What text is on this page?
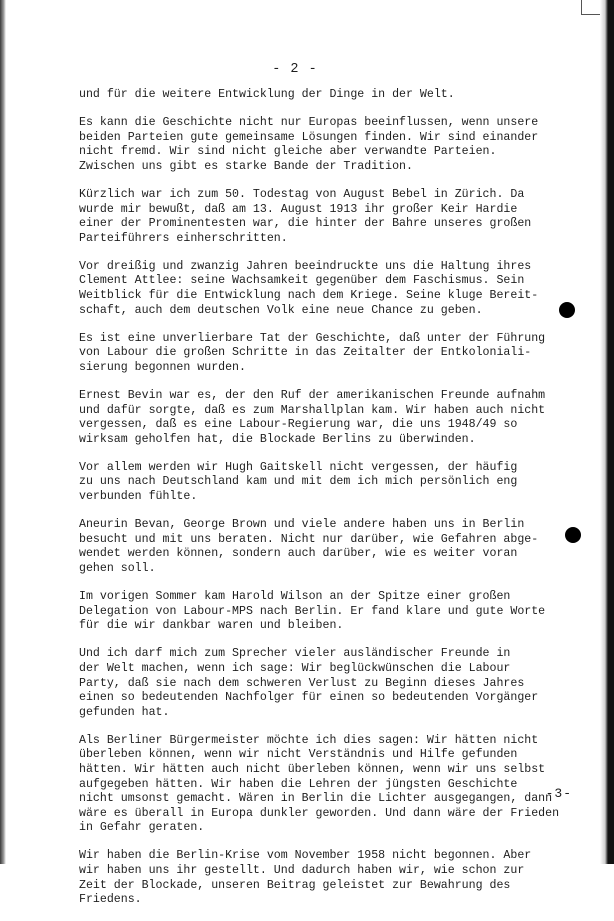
- 2 -

und für die weitere Entwicklung der Dinge in der Welt.

Es kann die Geschichte nicht nur Europas beeinflussen, wenn unsere
beiden Parteien gute gemeinsame Lösungen finden. Wir sind einander
nicht fremd. Wir sind nicht gleiche aber verwandte Parteien.
Zwischen uns gibt es starke Bande der Tradition.

Kürzlich war ich zum 50. Todestag von August Bebel in Zürich. Da
wurde mir bewußt, daß am 13. August 1913 ihr großer Keir Hardie
einer der Prominentesten war, die hinter der Bahre unseres großen
Parteiführers einherschritten.

Vor dreißig und zwanzig Jahren beeindruckte uns die Haltung ihres
Clement Attlee: seine Wachsamkeit gegenüber dem Faschismus. Sein
Weitblick für die Entwicklung nach dem Kriege. Seine kluge Bereit-
schaft, auch dem deutschen Volk eine neue Chance zu geben.

Es ist eine unverlierbare Tat der Geschichte, daß unter der Führung
von Labour die großen Schritte in das Zeitalter der Entkoloniali-
sierung begonnen wurden.

Ernest Bevin war es, der den Ruf der amerikanischen Freunde aufnahm
und dafür sorgte, daß es zum Marshallplan kam. Wir haben auch nicht
vergessen, daß es eine Labour-Regierung war, die uns 1948/49 so
wirksam geholfen hat, die Blockade Berlins zu überwinden.

Vor allem werden wir Hugh Gaitskell nicht vergessen, der häufig
zu uns nach Deutschland kam und mit dem ich mich persönlich eng
verbunden fühlte.

Aneurin Bevan, George Brown und viele andere haben uns in Berlin
besucht und mit uns beraten. Nicht nur darüber, wie Gefahren abge-
wendet werden können, sondern auch darüber, wie es weiter voran
gehen soll.

Im vorigen Sommer kam Harold Wilson an der Spitze einer großen
Delegation von Labour-MPS nach Berlin. Er fand klare und gute Worte
für die wir dankbar waren und bleiben.

Und ich darf mich zum Sprecher vieler ausländischer Freunde in
der Welt machen, wenn ich sage: Wir beglückwünschen die Labour
Party, daß sie nach dem schweren Verlust zu Beginn dieses Jahres
einen so bedeutenden Nachfolger für einen so bedeutenden Vorgänger
gefunden hat.

Als Berliner Bürgermeister möchte ich dies sagen: Wir hätten nicht
überleben können, wenn wir nicht Verständnis und Hilfe gefunden
hätten. Wir hätten auch nicht überleben können, wenn wir uns selbst
aufgegeben hätten. Wir haben die Lehren der jüngsten Geschichte
nicht umsonst gemacht. Wären in Berlin die Lichter ausgegangen, dann
wäre es überall in Europa dunkler geworden. Und dann wäre der Frieden
in Gefahr geraten.

Wir haben die Berlin-Krise vom November 1958 nicht begonnen. Aber
wir haben uns ihr gestellt. Und dadurch haben wir, wie schon zur
Zeit der Blockade, unseren Beitrag geleistet zur Bewahrung des
Friedens.

-3-
